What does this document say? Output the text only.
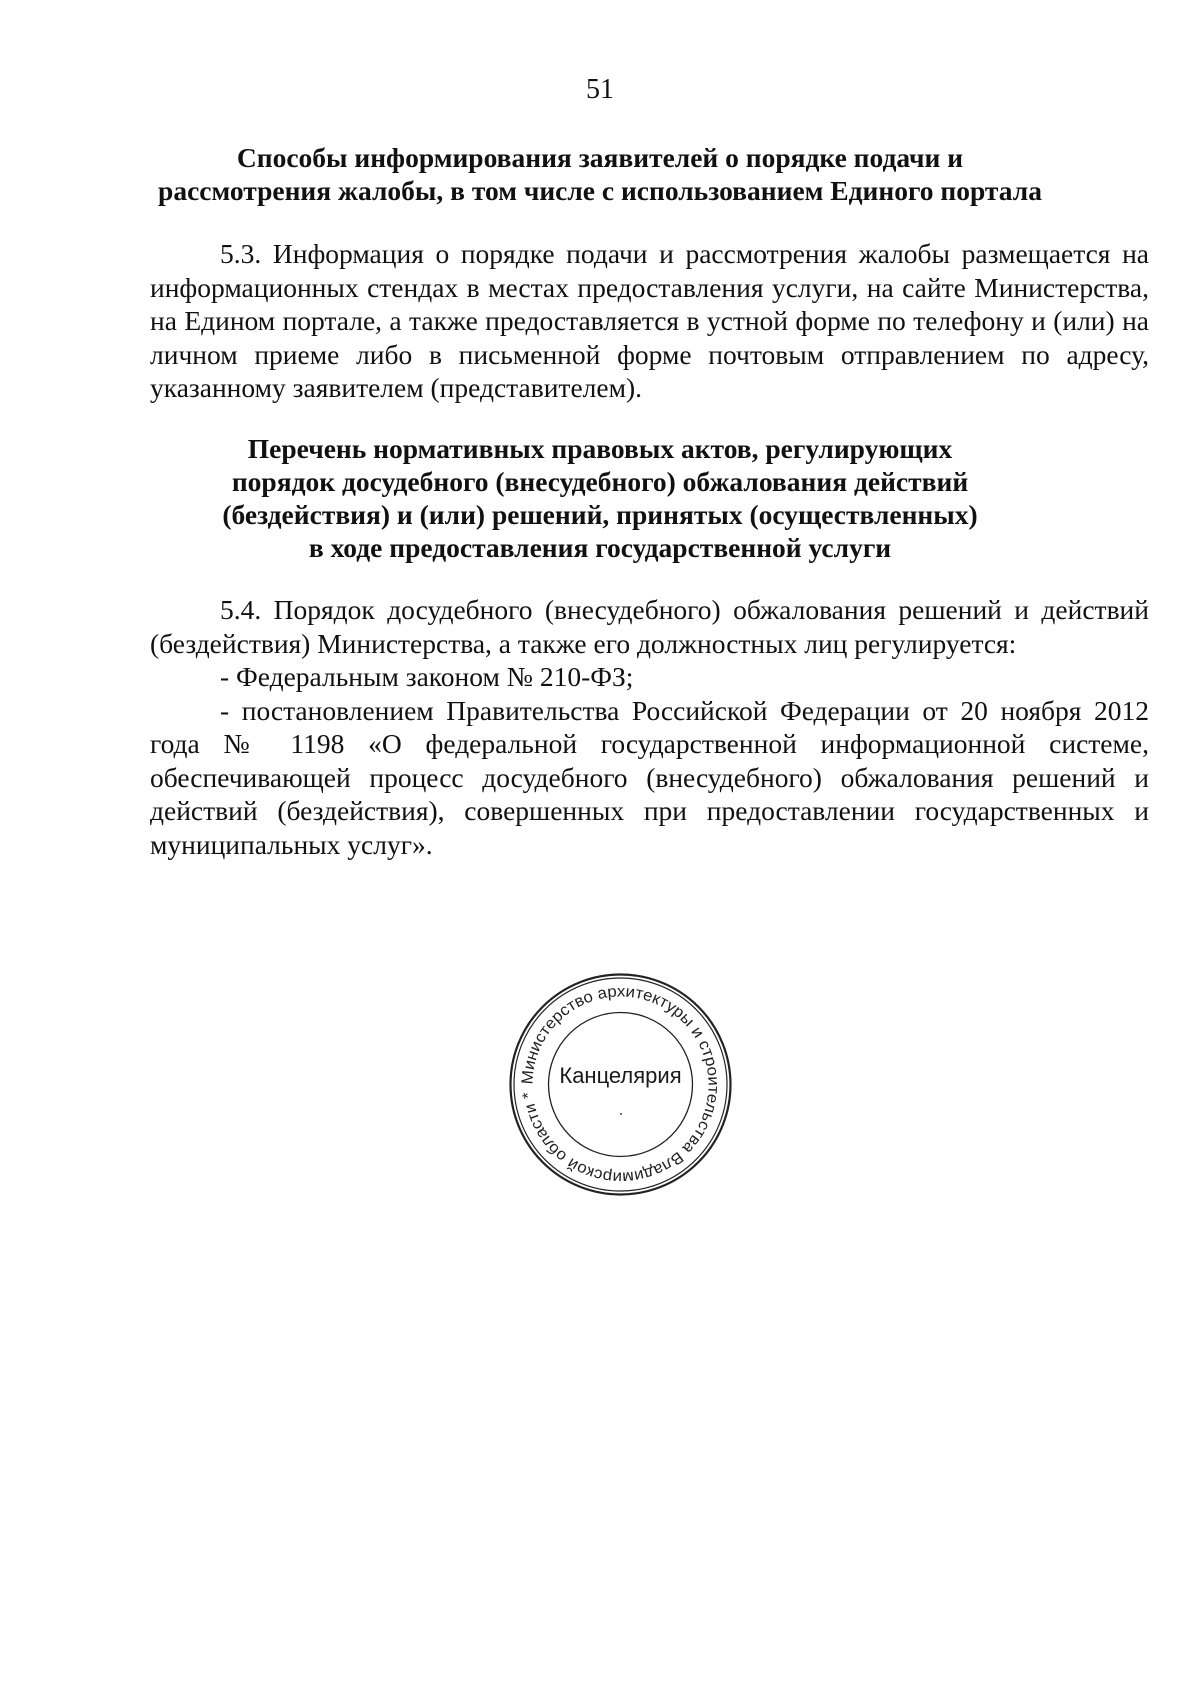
51
Способы информирования заявителей о порядке подачи и
рассмотрения жалобы, в том числе с использованием Единого портала

5.3. Информация о порядке подачи и рассмотрения жалобы размещается на информационных стендах в местах предоставления услуги, на сайте Министерства, на Едином портале, а также предоставляется в устной форме по телефону и (или) на личном приеме либо в письменной форме почтовым отправлением по адресу, указанному заявителем (представителем).

Перечень нормативных правовых актов, регулирующих
порядок досудебного (внесудебного) обжалования действий
(бездействия) и (или) решений, принятых (осуществленных)
в ходе предоставления государственной услуги

5.4. Порядок досудебного (внесудебного) обжалования решений и действий (бездействия) Министерства, а также его должностных лиц регулируется:

- Федеральным законом № 210-ФЗ;

- постановлением Правительства Российской Федерации от 20 ноября 2012 года № 1198 «О федеральной государственной информационной системе, обеспечивающей процесс досудебного (внесудебного) обжалования решений и действий (бездействия), совершенных при предоставлении государственных и муниципальных услуг».

Министерство архитектуры и строительства Владимирской области *
Канцелярия
